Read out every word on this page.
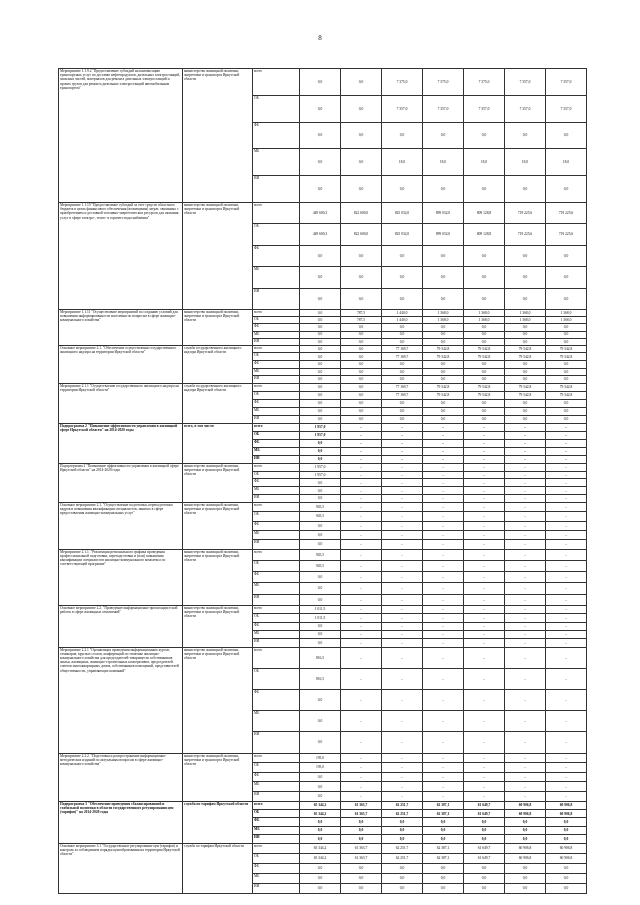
8
Мероприятие 1.1.9.2 "Предоставление субсидий на компенсацию транспортных услуг по доставке нефтепродуктов, дизельных электростанций, запасных частей, материалов для ремонта дизельных электростанций и прочих грузов для ремонта дизельных электростанций автомобильным транспортом"	министерство жилищной политики, энергетики и транспорта Иркутской области	всего	0,0	0,0	7 375,0	7 375,0	7 375,0	7 357,0	7 357,0
		ОБ	0,0	0,0	7 357,0	7 357,0	7 357,0	7 357,0	7 357,0
		ФБ	0,0	0,0	0,0	0,0	0,0	0,0	0,0
		МБ	0,0	0,0	18,0	18,0	18,0	18,0	18,0
		ИИ	0,0	0,0	0,0	0,0	0,0	0,0	0,0
Мероприятие 1.1.10 "Предоставление субсидий за счет средств областного бюджета в целях финансового обеспечения (возмещения) затрат, связанных с приобретением и доставкой топливно-энергетических ресурсов для оказания услуг в сфере электро-, тепло- и горячего водоснабжения"	министерство жилищной политики, энергетики и транспорта Иркутской области	всего	449 600,3	822 600,0	825 032,0	899 032,0	809 128,8	719 225,6	719 225,6
		ОБ	449 600,3	822 600,0	825 032,0	899 032,0	809 128,8	719 225,6	719 225,6
		ФБ	0,0	0,0	0,0	0,0	0,0	0,0	0,0
		МБ	0,0	0,0	0,0	0,0	0,0	0,0	0,0
		ИИ	0,0	0,0	0,0	0,0	0,0	0,0	0,0
Мероприятие 1.1.11 "Осуществление мероприятий по созданию условий для повышения информированности населения по вопросам в сфере жилищно-коммунального хозяйства"	министерство жилищной политики, энергетики и транспорта Иркутской области	всего	0,0	787,5	1 440,0	1 368,0	1 368,0	1 368,0	1 368,0
		ОБ	0,0	787,5	1 440,0	1 368,0	1 368,0	1 368,0	1 368,0
		ФБ	0,0	0,0	0,0	0,0	0,0	0,0	0,0
		МБ	0,0	0,0	0,0	0,0	0,0	0,0	0,0
		ИИ	0,0	0,0	0,0	0,0	0,0	0,0	0,0
Основное мероприятие 2.1. "Обеспечение осуществления государственного жилищного надзора на территории Иркутской области"	служба государственного жилищного надзора Иркутской области	всего	0,0	0,0	77 169,7	79 542,8	79 542,8	79 542,8	79 542,8
		ОБ	0,0	0,0	77 169,7	79 542,8	79 542,8	79 542,8	79 542,8
		ФБ	0,0	0,0	0,0	0,0	0,0	0,0	0,0
		МБ	0,0	0,0	0,0	0,0	0,0	0,0	0,0
		ИИ	0,0	0,0	0,0	0,0	0,0	0,0	0,0
Мероприятие 2.1.1 "Осуществление государственного жилищного надзора на территории Иркутской области"	служба государственного жилищного надзора Иркутской области	всего	0,0	0,0	77 169,7	79 542,8	79 542,8	79 542,8	79 542,8
		ОБ	0,0	0,0	77 169,7	79 542,8	79 542,8	79 542,8	79 542,8
		ФБ	0,0	0,0	0,0	0,0	0,0	0,0	0,0
		МБ	0,0	0,0	0,0	0,0	0,0	0,0	0,0
		ИИ	0,0	0,0	0,0	0,0	0,0	0,0	0,0
Подпрограмма 2 "Повышение эффективности управления в жилищной сфере Иркутской области" на 2014-2020 годы	всего, в том числе:	всего	1 957,0	–	–	–	–	–	–
		ОБ	1 957,0	–	–	–	–	–	–
		ФБ	0,0	–	–	–	–	–	–
		МБ	0,0	–	–	–	–	–	–
		ИИ	0,0	–	–	–	–	–	–
Подпрограмма 2 "Повышение эффективности управления в жилищной сфере Иркутской области" на 2014-2020 годы	министерство жилищной политики, энергетики и транспорта Иркутской области	всего	1 957,0	–	–	–	–	–	–
		ОБ	1 957,0	–	–	–	–	–	–
		ФБ	0,0	–	–	–	–	–	–
		МБ	0,0	–	–	–	–	–	–
		ИИ	0,0	–	–	–	–	–	–
Основное мероприятие 2.1. "Осуществление подготовки, переподготовки кадров и повышения квалификации специалистов, занятых в сфере предоставления жилищно-коммунальных услуг"	министерство жилищной политики, энергетики и транспорта Иркутской области	всего	945,5	–	–	–	–	–	–
		ОБ	945,5	–	–	–	–	–	–
		ФБ	0,0	–	–	–	–	–	–
		МБ	0,0	–	–	–	–	–	–
		ИИ	0,0	–	–	–	–	–	–
Мероприятие 2.1.1. "Реализация регионального графика проведения профессиональной подготовки, переподготовки и (или) повышения квалификации специалистов жилищно-коммунального комплекса по соответствующей программе"	министерство жилищной политики, энергетики и транспорта Иркутской области	всего	945,5	–	–	–	–	–	–
		ОБ	945,5	–	–	–	–	–	–
		ФБ	0,0	–	–	–	–	–	–
		МБ	0,0	–	–	–	–	–	–
		ИИ	0,0	–	–	–	–	–	–
Основное мероприятие 2.2. "Проведение информационно-пропагандистской работы в сфере жилищных отношений"	министерство жилищной политики, энергетики и транспорта Иркутской области	всего	1 011,5	–	–	–	–	–	–
		ОБ	1 011,5	–	–	–	–	–	–
		ФБ	0,0	–	–	–	–	–	–
		МБ	0,0	–	–	–	–	–	–
		ИИ	0,0	–	–	–	–	–	–
Мероприятие 2.2.1 "Организация проведения информационных курсов, семинаров, круглых столов, конференций по тематике жилищно-коммунального хозяйства для председателей товариществ собственников жилья, жилищных, жилищно-строительных кооперативов, председателей советов многоквартирных домов, собственников помещений, представителей общественности, управляющих компаний"	министерство жилищной политики, энергетики и транспорта Иркутской области	всего	816,5	–	–	–	–	–	–
		ОБ	816,5	–	–	–	–	–	–
		ФБ	0,0	–	–	–	–	–	–
		МБ	0,0	–	–	–	–	–	–
		ИИ	0,0	–	–	–	–	–	–
Мероприятие 2.2.2. "Подготовка и распространение информационно-методических изданий по актуальным вопросам в сфере жилищно-коммунального хозяйства"	министерство жилищной политики, энергетики и транспорта Иркутской области	всего	195,0	–	–	–	–	–	–
		ОБ	195,0	–	–	–	–	–	–
		ФБ	0,0	–	–	–	–	–	–
		МБ	0,0	–	–	–	–	–	–
		ИИ	0,0	–	–	–	–	–	–
Подпрограмма 3 "Обеспечение проведения сбалансированной и стабильной политики в области государственного регулирования цен (тарифов)" на 2014-2020 годы	служба по тарифам Иркутской области	всего	65 344,2	61 363,7	62 251,7	62 387,1	61 649,7	60 906,8	60 906,8
		ОБ	65 344,2	61 363,7	62 251,7	62 387,1	61 649,7	60 906,8	60 906,8
		ФБ	0,0	0,0	0,0	0,0	0,0	0,0	0,0
		МБ	0,0	0,0	0,0	0,0	0,0	0,0	0,0
		ИИ	0,0	0,0	0,0	0,0	0,0	0,0	0,0
Основное мероприятие 3.1 "Государственное регулирование цен (тарифов) и контроль за соблюдением порядка ценообразования на территории Иркутской области"	служба по тарифам Иркутской области	всего	65 344,2	61 363,7	62 251,7	62 387,1	61 649,7	60 906,8	60 906,8
		ОБ	65 344,2	61 363,7	62 251,7	62 387,1	61 649,7	60 906,8	60 906,8
		ФБ	0,0	0,0	0,0	0,0	0,0	0,0	0,0
		МБ	0,0	0,0	0,0	0,0	0,0	0,0	0,0
		ИИ	0,0	0,0	0,0	0,0	0,0	0,0	0,0
